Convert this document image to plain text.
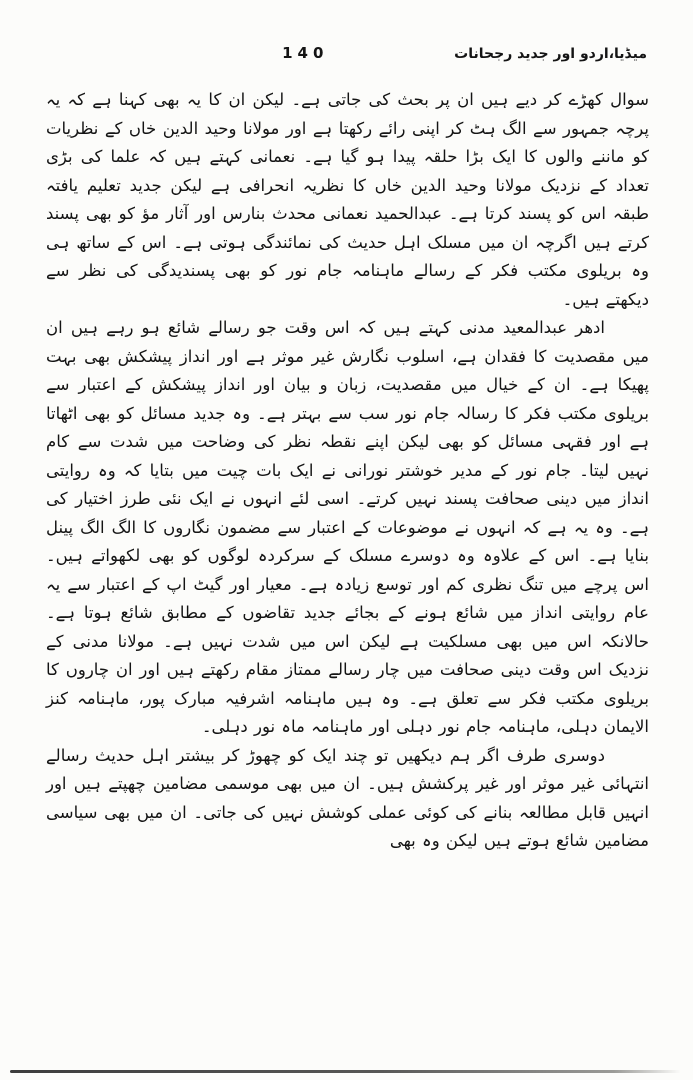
140	میڈیا،اردو اور جدید رجحانات

سوال کھڑے کر دیے ہیں ان پر بحث کی جاتی ہے۔ لیکن ان کا یہ بھی کہنا ہے کہ یہ پرچہ جمہور سے الگ ہٹ کر اپنی رائے رکھتا ہے اور مولانا وحید الدین خاں کے نظریات کو ماننے والوں کا ایک بڑا حلقہ پیدا ہو گیا ہے۔ نعمانی کہتے ہیں کہ علما کی بڑی تعداد کے نزدیک مولانا وحید الدین خاں کا نظریہ انحرافی ہے لیکن جدید تعلیم یافتہ طبقہ اس کو پسند کرتا ہے۔ عبدالحمید نعمانی محدث بنارس اور آثار مؤ کو بھی پسند کرتے ہیں اگرچہ ان میں مسلک اہل حدیث کی نمائندگی ہوتی ہے۔ اس کے ساتھ ہی وہ بریلوی مکتب فکر کے رسالے ماہنامہ جام نور کو بھی پسندیدگی کی نظر سے دیکھتے ہیں۔

ادھر عبدالمعید مدنی کہتے ہیں کہ اس وقت جو رسالے شائع ہو رہے ہیں ان میں مقصدیت کا فقدان ہے، اسلوب نگارش غیر موثر ہے اور انداز پیشکش بھی بہت پھیکا ہے۔ ان کے خیال میں مقصدیت، زبان و بیان اور انداز پیشکش کے اعتبار سے بریلوی مکتب فکر کا رسالہ جام نور سب سے بہتر ہے۔ وہ جدید مسائل کو بھی اٹھاتا ہے اور فقہی مسائل کو بھی لیکن اپنے نقطہ نظر کی وضاحت میں شدت سے کام نہیں لیتا۔ جام نور کے مدیر خوشتر نورانی نے ایک بات چیت میں بتایا کہ وہ روایتی انداز میں دینی صحافت پسند نہیں کرتے۔ اسی لئے انہوں نے ایک نئی طرز اختیار کی ہے۔ وہ یہ ہے کہ انہوں نے موضوعات کے اعتبار سے مضمون نگاروں کا الگ الگ پینل بنایا ہے۔ اس کے علاوہ وہ دوسرے مسلک کے سرکردہ لوگوں کو بھی لکھواتے ہیں۔ اس پرچے میں تنگ نظری کم اور توسع زیادہ ہے۔ معیار اور گیٹ اپ کے اعتبار سے یہ عام روایتی انداز میں شائع ہونے کے بجائے جدید تقاضوں کے مطابق شائع ہوتا ہے۔ حالانکہ اس میں بھی مسلکیت ہے لیکن اس میں شدت نہیں ہے۔ مولانا مدنی کے نزدیک اس وقت دینی صحافت میں چار رسالے ممتاز مقام رکھتے ہیں اور ان چاروں کا بریلوی مکتب فکر سے تعلق ہے۔ وہ ہیں ماہنامہ اشرفیہ مبارک پور، ماہنامہ کنز الایمان دہلی، ماہنامہ جام نور دہلی اور ماہنامہ ماہ نور دہلی۔

دوسری طرف اگر ہم دیکھیں تو چند ایک کو چھوڑ کر بیشتر اہل حدیث رسالے انتہائی غیر موثر اور غیر پرکشش ہیں۔ ان میں بھی موسمی مضامین چھپتے ہیں اور انہیں قابل مطالعہ بنانے کی کوئی عملی کوشش نہیں کی جاتی۔ ان میں بھی سیاسی مضامین شائع ہوتے ہیں لیکن وہ بھی
